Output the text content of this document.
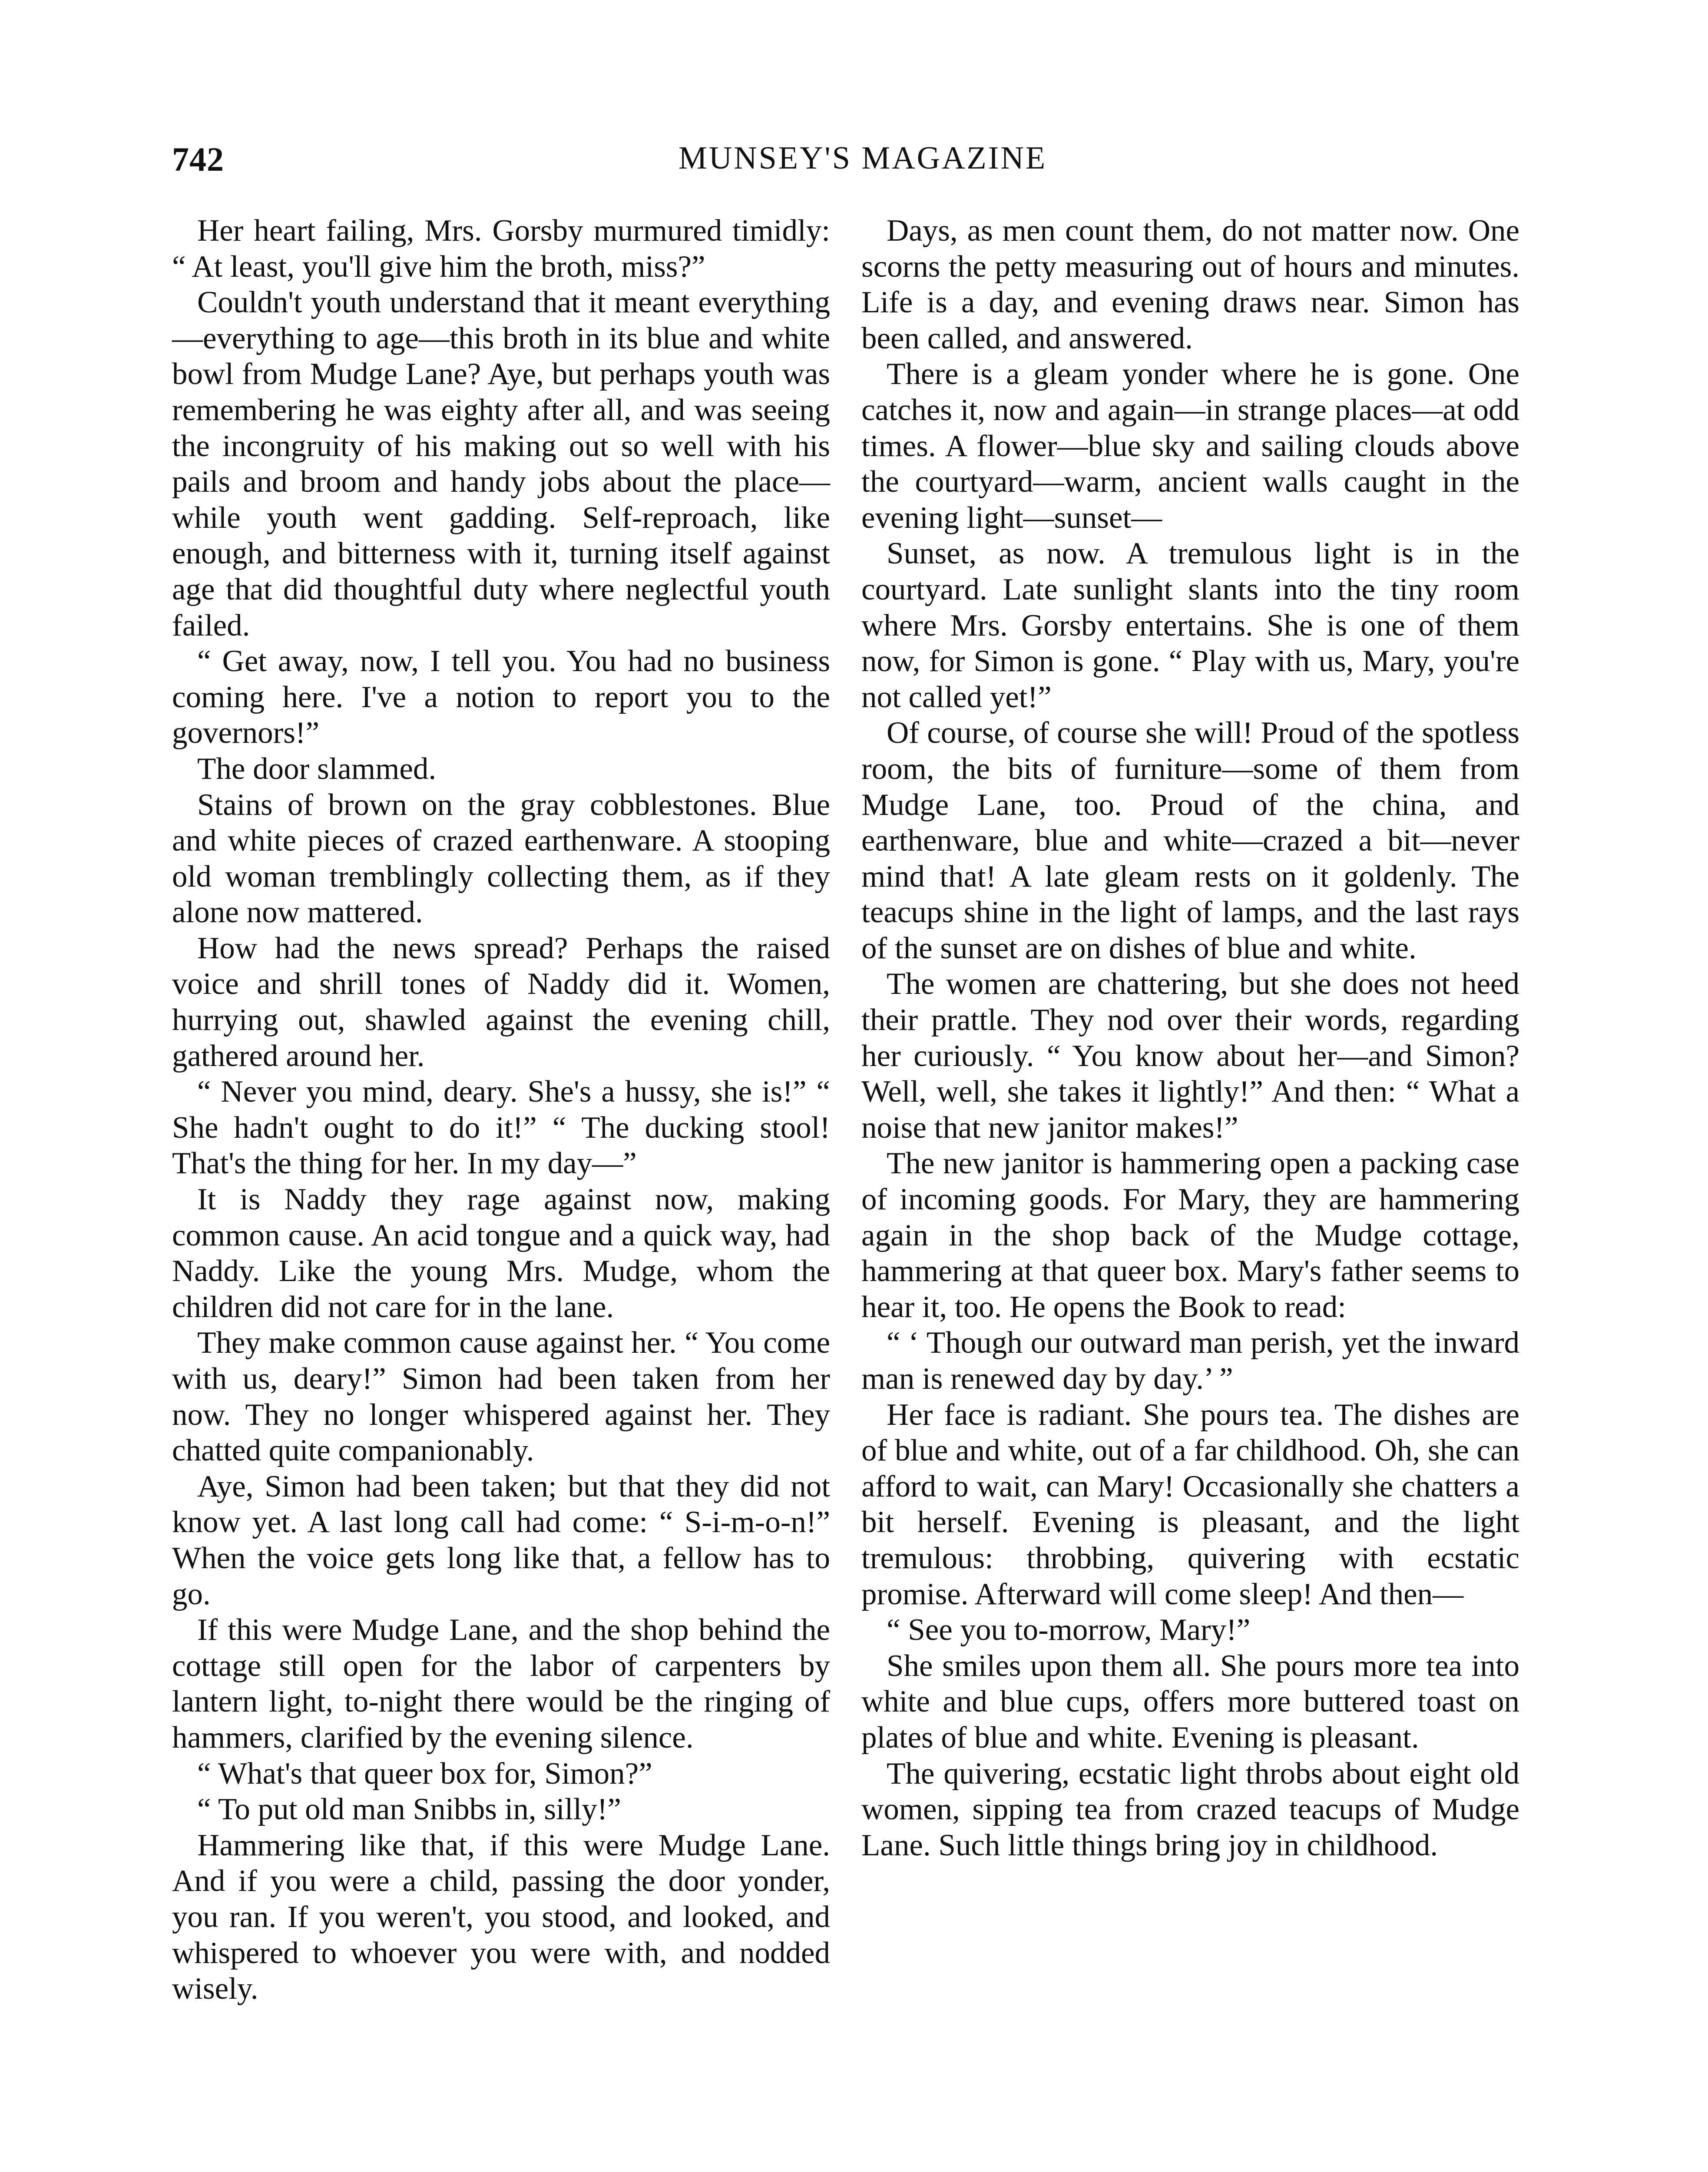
742	MUNSEY'S MAGAZINE

Her heart failing, Mrs. Gorsby murmured timidly: “ At least, you'll give him the broth, miss?”

Couldn't youth understand that it meant everything—everything to age—this broth in its blue and white bowl from Mudge Lane? Aye, but perhaps youth was remembering he was eighty after all, and was seeing the incongruity of his making out so well with his pails and broom and handy jobs about the place—while youth went gadding. Self-reproach, like enough, and bitterness with it, turning itself against age that did thoughtful duty where neglectful youth failed.

“ Get away, now, I tell you. You had no business coming here. I've a notion to report you to the governors!”

The door slammed.

Stains of brown on the gray cobblestones. Blue and white pieces of crazed earthenware. A stooping old woman tremblingly collecting them, as if they alone now mattered.

How had the news spread? Perhaps the raised voice and shrill tones of Naddy did it. Women, hurrying out, shawled against the evening chill, gathered around her.

“ Never you mind, deary. She's a hussy, she is!” “ She hadn't ought to do it!” “ The ducking stool! That's the thing for her. In my day—”

It is Naddy they rage against now, making common cause. An acid tongue and a quick way, had Naddy. Like the young Mrs. Mudge, whom the children did not care for in the lane.

They make common cause against her. “ You come with us, deary!” Simon had been taken from her now. They no longer whispered against her. They chatted quite companionably.

Aye, Simon had been taken; but that they did not know yet. A last long call had come: “ S-i-m-o-n!” When the voice gets long like that, a fellow has to go.

If this were Mudge Lane, and the shop behind the cottage still open for the labor of carpenters by lantern light, to-night there would be the ringing of hammers, clarified by the evening silence.

“ What's that queer box for, Simon?”

“ To put old man Snibbs in, silly!”

Hammering like that, if this were Mudge Lane. And if you were a child, passing the door yonder, you ran. If you weren't, you stood, and looked, and whispered to whoever you were with, and nodded wisely.

Days, as men count them, do not matter now. One scorns the petty measuring out of hours and minutes. Life is a day, and evening draws near. Simon has been called, and answered.

There is a gleam yonder where he is gone. One catches it, now and again—in strange places—at odd times. A flower—blue sky and sailing clouds above the courtyard—warm, ancient walls caught in the evening light—sunset—

Sunset, as now. A tremulous light is in the courtyard. Late sunlight slants into the tiny room where Mrs. Gorsby entertains. She is one of them now, for Simon is gone. “ Play with us, Mary, you're not called yet!”

Of course, of course she will! Proud of the spotless room, the bits of furniture—some of them from Mudge Lane, too. Proud of the china, and earthenware, blue and white—crazed a bit—never mind that! A late gleam rests on it goldenly. The teacups shine in the light of lamps, and the last rays of the sunset are on dishes of blue and white.

The women are chattering, but she does not heed their prattle. They nod over their words, regarding her curiously. “ You know about her—and Simon? Well, well, she takes it lightly!” And then: “ What a noise that new janitor makes!”

The new janitor is hammering open a packing case of incoming goods. For Mary, they are hammering again in the shop back of the Mudge cottage, hammering at that queer box. Mary's father seems to hear it, too. He opens the Book to read:

“ ‘ Though our outward man perish, yet the inward man is renewed day by day.’ ”

Her face is radiant. She pours tea. The dishes are of blue and white, out of a far childhood. Oh, she can afford to wait, can Mary! Occasionally she chatters a bit herself. Evening is pleasant, and the light tremulous: throbbing, quivering with ecstatic promise. Afterward will come sleep! And then—

“ See you to-morrow, Mary!”

She smiles upon them all. She pours more tea into white and blue cups, offers more buttered toast on plates of blue and white. Evening is pleasant.

The quivering, ecstatic light throbs about eight old women, sipping tea from crazed teacups of Mudge Lane. Such little things bring joy in childhood.
